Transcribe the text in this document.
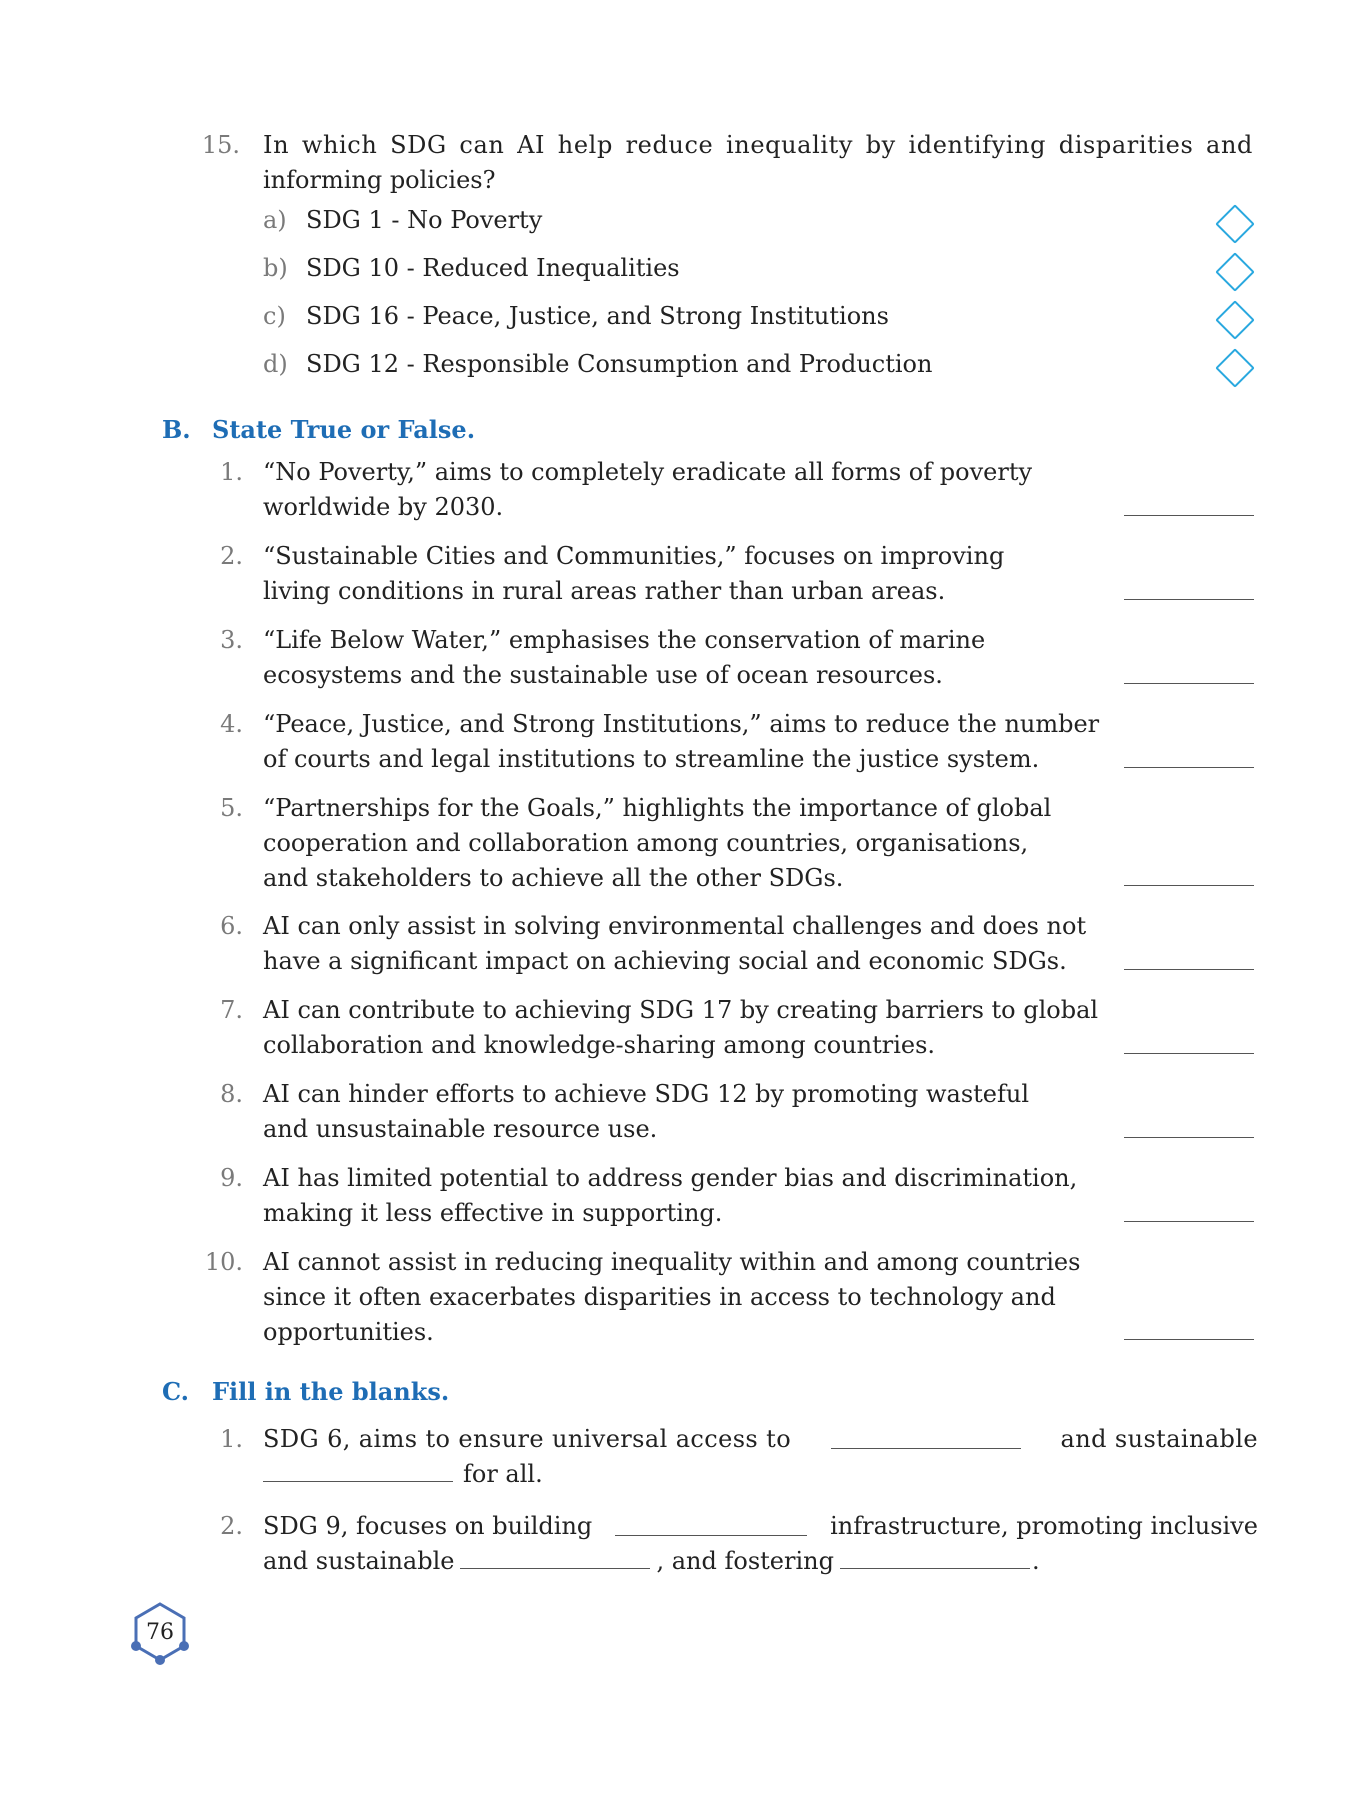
15. In which SDG can AI help reduce inequality by identifying disparities and
informing policies?
a) SDG 1 - No Poverty
b) SDG 10 - Reduced Inequalities
c) SDG 16 - Peace, Justice, and Strong Institutions
d) SDG 12 - Responsible Consumption and Production
B. State True or False.
1. “No Poverty,” aims to completely eradicate all forms of poverty
worldwide by 2030.
2. “Sustainable Cities and Communities,” focuses on improving
living conditions in rural areas rather than urban areas.
3. “Life Below Water,” emphasises the conservation of marine
ecosystems and the sustainable use of ocean resources.
4. “Peace, Justice, and Strong Institutions,” aims to reduce the number
of courts and legal institutions to streamline the justice system.
5. “Partnerships for the Goals,” highlights the importance of global
cooperation and collaboration among countries, organisations,
and stakeholders to achieve all the other SDGs.
6. AI can only assist in solving environmental challenges and does not
have a significant impact on achieving social and economic SDGs.
7. AI can contribute to achieving SDG 17 by creating barriers to global
collaboration and knowledge-sharing among countries.
8. AI can hinder efforts to achieve SDG 12 by promoting wasteful
and unsustainable resource use.
9. AI has limited potential to address gender bias and discrimination,
making it less effective in supporting.
10. AI cannot assist in reducing inequality within and among countries
since it often exacerbates disparities in access to technology and
opportunities.
C. Fill in the blanks.
1. SDG 6, aims to ensure universal access to	and sustainable
for all.
2. SDG 9, focuses on building	infrastructure, promoting inclusive
and sustainable	, and fostering	.
76
